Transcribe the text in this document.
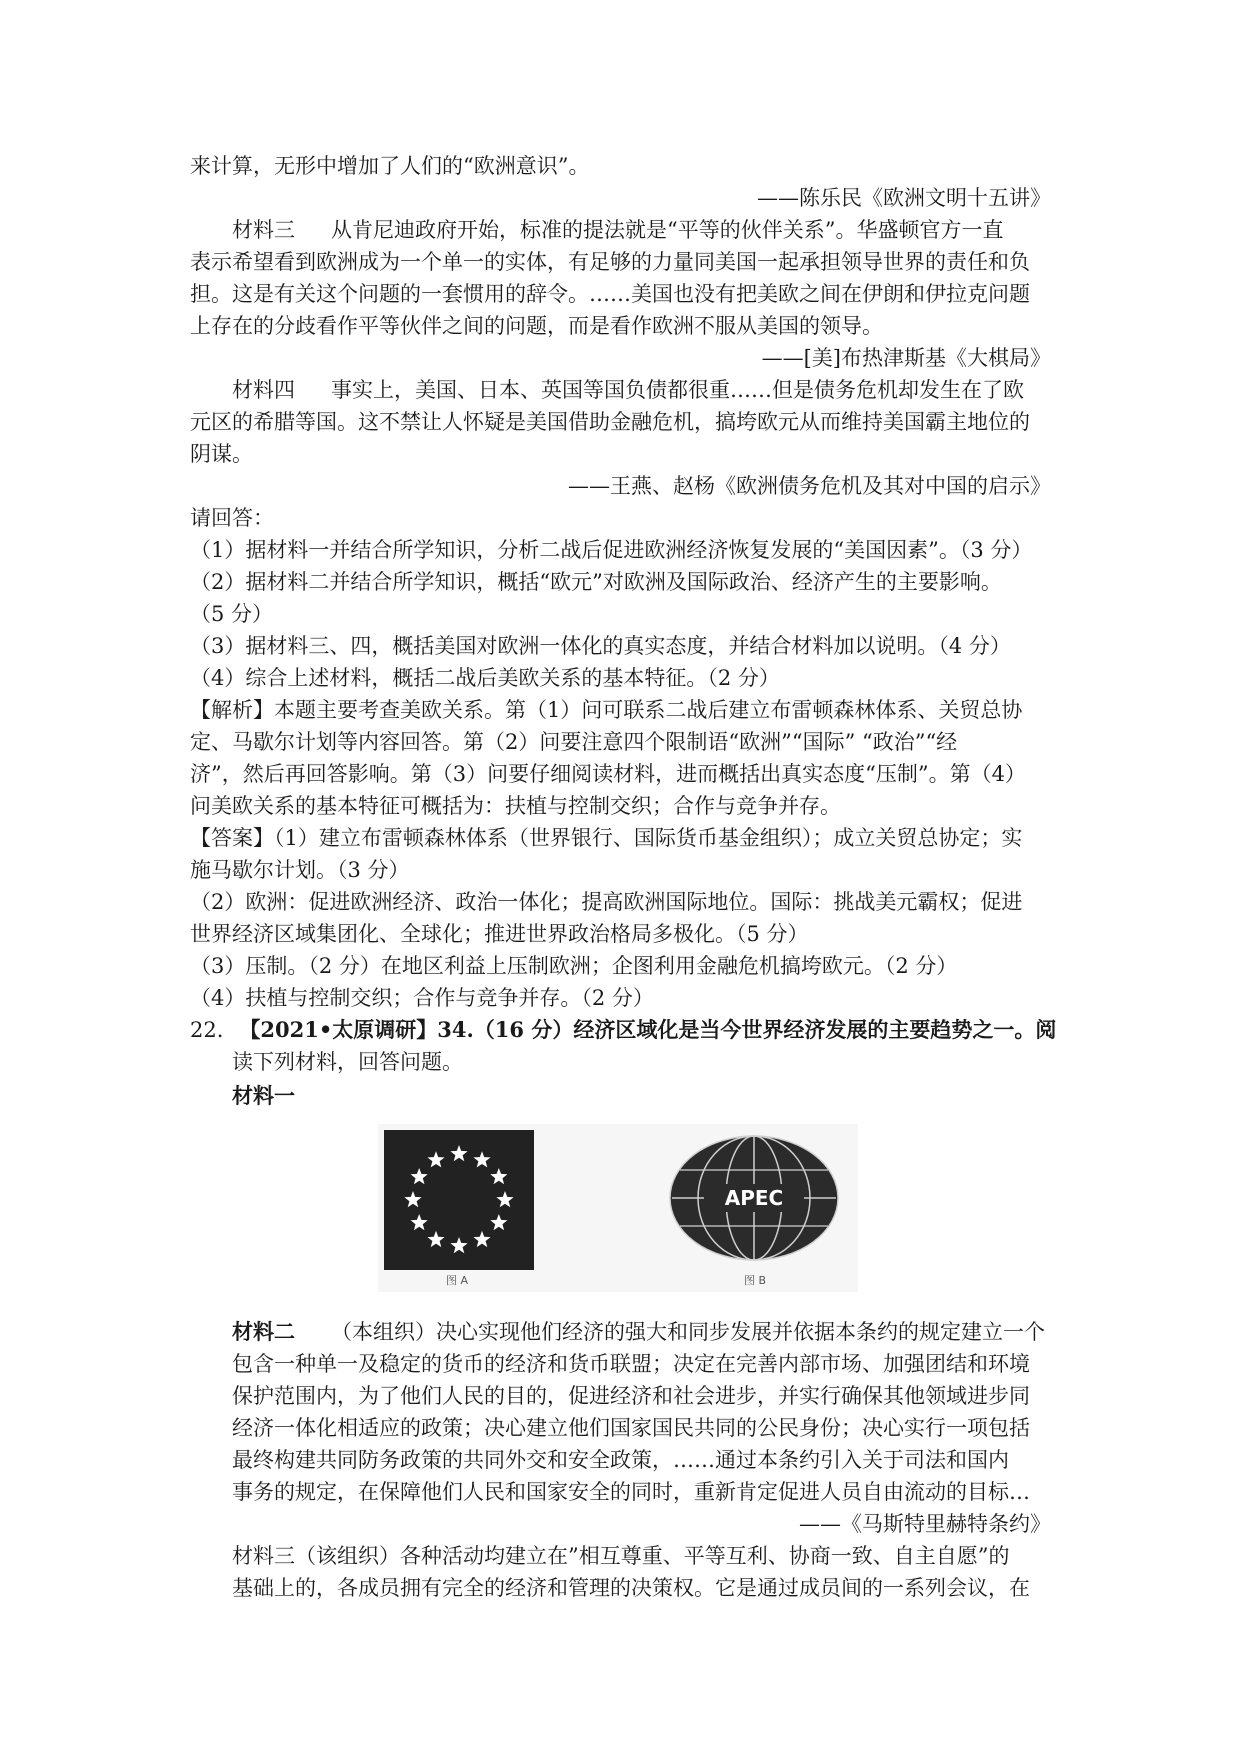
来计算，无形中增加了人们的“欧洲意识”。
——陈乐民《欧洲文明十五讲》
材料三 从肯尼迪政府开始，标准的提法就是“平等的伙伴关系”。华盛顿官方一直
表示希望看到欧洲成为一个单一的实体，有足够的力量同美国一起承担领导世界的责任和负
担。这是有关这个问题的一套惯用的辞令。……美国也没有把美欧之间在伊朗和伊拉克问题
上存在的分歧看作平等伙伴之间的问题，而是看作欧洲不服从美国的领导。
——[美]布热津斯基《大棋局》
材料四 事实上，美国、日本、英国等国负债都很重……但是债务危机却发生在了欧
元区的希腊等国。这不禁让人怀疑是美国借助金融危机，搞垮欧元从而维持美国霸主地位的
阴谋。
——王燕、赵杨《欧洲债务危机及其对中国的启示》
请回答：
（1）据材料一并结合所学知识，分析二战后促进欧洲经济恢复发展的“美国因素”。（3 分）
（2）据材料二并结合所学知识，概括“欧元”对欧洲及国际政治、经济产生的主要影响。
（5 分）
（3）据材料三、四，概括美国对欧洲一体化的真实态度，并结合材料加以说明。（4 分）
（4）综合上述材料，概括二战后美欧关系的基本特征。（2 分）
【解析】本题主要考查美欧关系。第（1）问可联系二战后建立布雷顿森林体系、关贸总协
定、马歇尔计划等内容回答。第（2）问要注意四个限制语“欧洲”“国际” “政治”“经
济”，然后再回答影响。第（3）问要仔细阅读材料，进而概括出真实态度“压制”。第（4）
问美欧关系的基本特征可概括为：扶植与控制交织；合作与竞争并存。
【答案】（1）建立布雷顿森林体系（世界银行、国际货币基金组织）；成立关贸总协定；实
施马歇尔计划。（3 分）
（2）欧洲：促进欧洲经济、政治一体化；提高欧洲国际地位。国际：挑战美元霸权；促进
世界经济区域集团化、全球化；推进世界政治格局多极化。（5 分）
（3）压制。（2 分）在地区利益上压制欧洲；企图利用金融危机搞垮欧元。（2 分）
（4）扶植与控制交织；合作与竞争并存。（2 分）
22. 【2021•太原调研】34.（16 分）经济区域化是当今世界经济发展的主要趋势之一。阅
读下列材料，回答问题。
材料一
图 A
APEC
图 B
材料二 （本组织）决心实现他们经济的强大和同步发展并依据本条约的规定建立一个
包含一种单一及稳定的货币的经济和货币联盟；决定在完善内部市场、加强团结和环境
保护范围内，为了他们人民的目的，促进经济和社会进步，并实行确保其他领域进步同
经济一体化相适应的政策；决心建立他们国家国民共同的公民身份；决心实行一项包括
最终构建共同防务政策的共同外交和安全政策，……通过本条约引入关于司法和国内
事务的规定，在保障他们人民和国家安全的同时，重新肯定促进人员自由流动的目标…
——《马斯特里赫特条约》
材料三（该组织）各种活动均建立在”相互尊重、平等互利、协商一致、自主自愿”的
基础上的，各成员拥有完全的经济和管理的决策权。它是通过成员间的一系列会议，在
